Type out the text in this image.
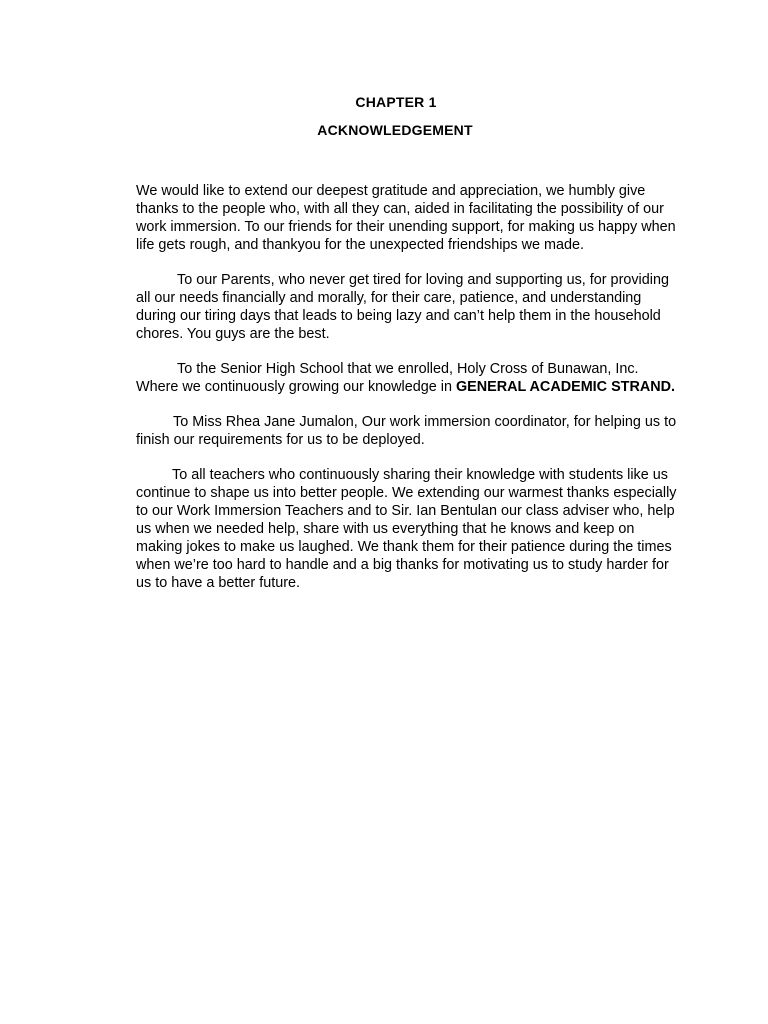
CHAPTER 1
ACKNOWLEDGEMENT

We would like to extend our deepest gratitude and appreciation, we humbly give thanks to the people who, with all they can, aided in facilitating the possibility of our work immersion. To our friends for their unending support, for making us happy when life gets rough, and thankyou for the unexpected friendships we made.

To our Parents, who never get tired for loving and supporting us, for providing all our needs financially and morally, for their care, patience, and understanding during our tiring days that leads to being lazy and can’t help them in the household chores. You guys are the best.

To the Senior High School that we enrolled, Holy Cross of Bunawan, Inc. Where we continuously growing our knowledge in GENERAL ACADEMIC STRAND.

To Miss Rhea Jane Jumalon, Our work immersion coordinator, for helping us to finish our requirements for us to be deployed.

To all teachers who continuously sharing their knowledge with students like us continue to shape us into better people. We extending our warmest thanks especially to our Work Immersion Teachers and to Sir. Ian Bentulan our class adviser who, help us when we needed help, share with us everything that he knows and keep on making jokes to make us laughed. We thank them for their patience during the times when we’re too hard to handle and a big thanks for motivating us to study harder for us to have a better future.
